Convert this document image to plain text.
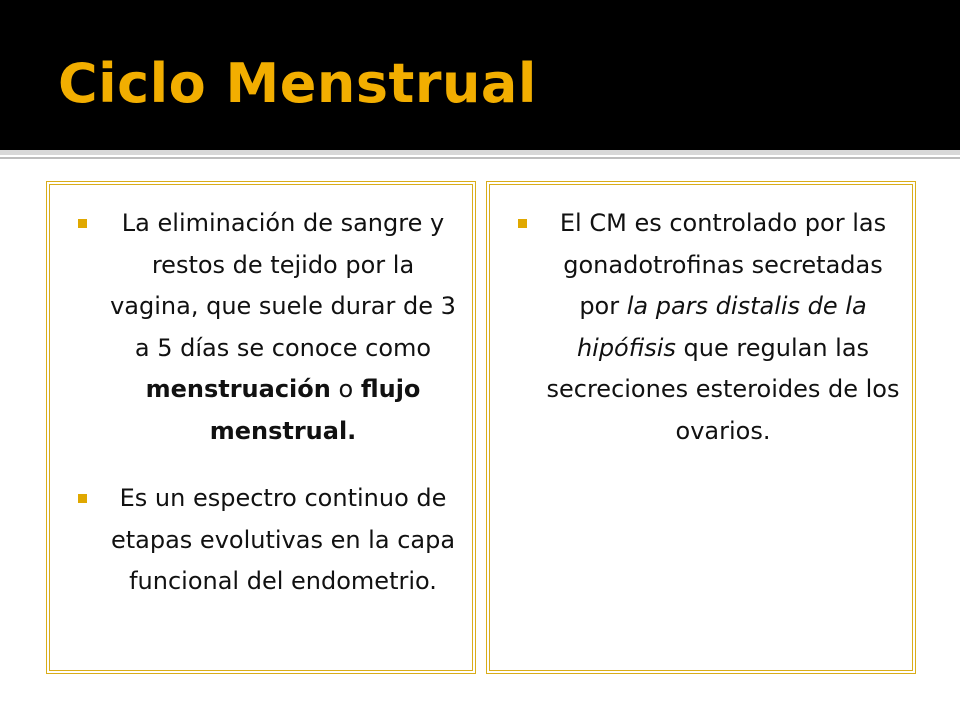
Ciclo Menstrual
La eliminación de sangre y restos de tejido por la vagina, que suele durar de 3 a 5 días se conoce como menstruación o flujo menstrual.
Es un espectro continuo de etapas evolutivas en la capa funcional del endometrio.
El CM es controlado por las gonadotrofinas secretadas por la pars distalis de la hipófisis que regulan las secreciones esteroides de los ovarios.
